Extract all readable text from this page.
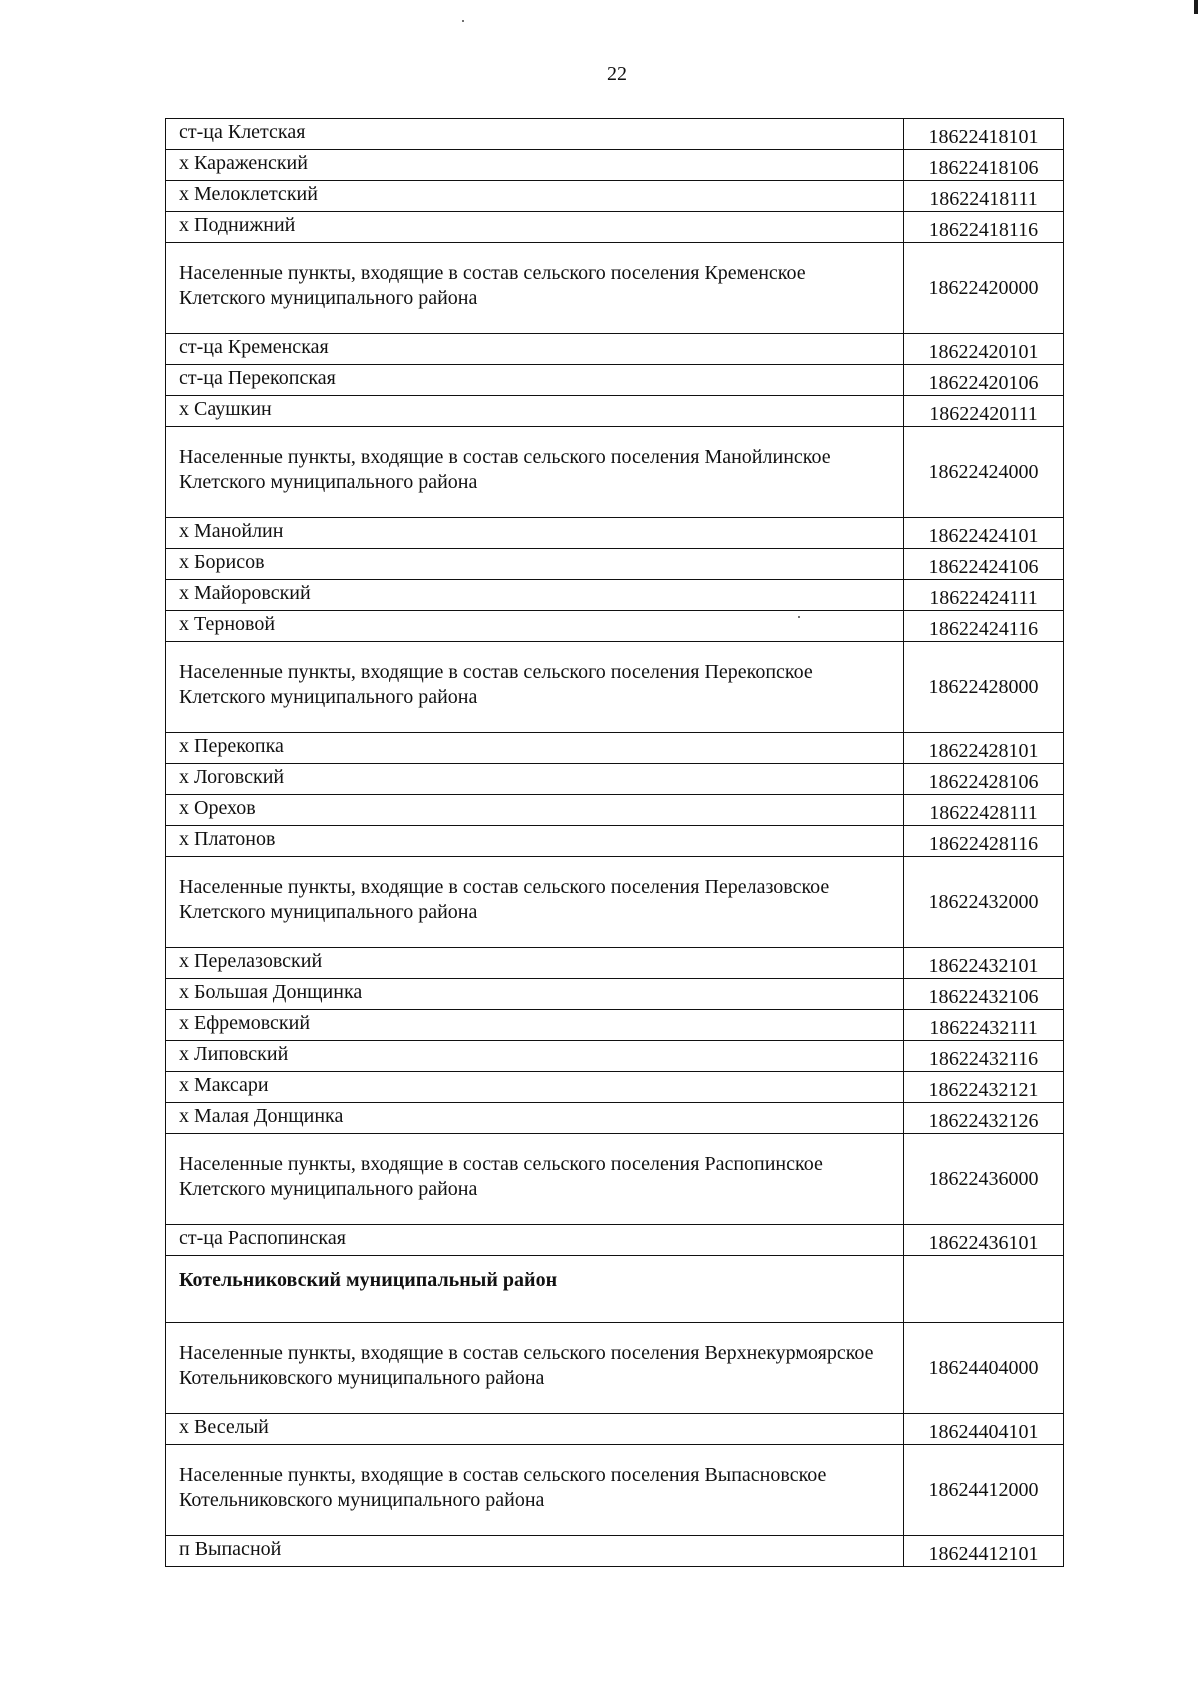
22
ст-ца Клетская	18622418101
х Караженский	18622418106
х Мелоклетский	18622418111
х Поднижний	18622418116
Населенные пункты, входящие в состав сельского поселения Кременское Клетского муниципального района	18622420000
ст-ца Кременская	18622420101
ст-ца Перекопская	18622420106
х Саушкин	18622420111
Населенные пункты, входящие в состав сельского поселения Манойлинское Клетского муниципального района	18622424000
х Манойлин	18622424101
х Борисов	18622424106
х Майоровский	18622424111
х Терновой	18622424116
Населенные пункты, входящие в состав сельского поселения Перекопское Клетского муниципального района	18622428000
х Перекопка	18622428101
х Логовский	18622428106
х Орехов	18622428111
х Платонов	18622428116
Населенные пункты, входящие в состав сельского поселения Перелазовское Клетского муниципального района	18622432000
х Перелазовский	18622432101
х Большая Донщинка	18622432106
х Ефремовский	18622432111
х Липовский	18622432116
х Максари	18622432121
х Малая Донщинка	18622432126
Населенные пункты, входящие в состав сельского поселения Распопинское Клетского муниципального района	18622436000
ст-ца Распопинская	18622436101
Котельниковский муниципальный район	
Населенные пункты, входящие в состав сельского поселения Верхнекурмоярское Котельниковского муниципального района	18624404000
х Веселый	18624404101
Населенные пункты, входящие в состав сельского поселения Выпасновское Котельниковского муниципального района	18624412000
п Выпасной	18624412101
